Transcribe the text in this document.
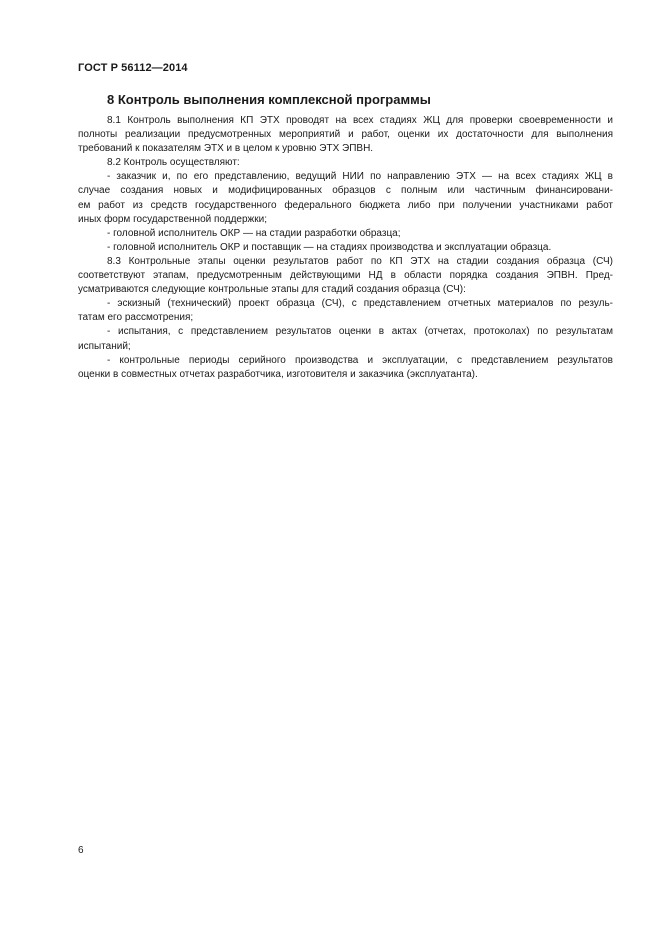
ГОСТ Р 56112—2014
8 Контроль выполнения комплексной программы
8.1 Контроль выполнения КП ЭТХ проводят на всех стадиях ЖЦ для проверки своевременности и
полноты реализации предусмотренных мероприятий и работ, оценки их достаточности для выполнения
требований к показателям ЭТХ и в целом к уровню ЭТХ ЭПВН.
8.2 Контроль осуществляют:
- заказчик и, по его представлению, ведущий НИИ по направлению ЭТХ — на всех стадиях ЖЦ в
случае создания новых и модифицированных образцов с полным или частичным финансировани-
ем работ из средств государственного федерального бюджета либо при получении участниками работ
иных форм государственной поддержки;
- головной исполнитель ОКР — на стадии разработки образца;
- головной исполнитель ОКР и поставщик — на стадиях производства и эксплуатации образца.
8.3 Контрольные этапы оценки результатов работ по КП ЭТХ на стадии создания образца (СЧ)
соответствуют этапам, предусмотренным действующими НД в области порядка создания ЭПВН. Пред-
усматриваются следующие контрольные этапы для стадий создания образца (СЧ):
- эскизный (технический) проект образца (СЧ), с представлением отчетных материалов по резуль-
татам его рассмотрения;
- испытания, с представлением результатов оценки в актах (отчетах, протоколах) по результатам
испытаний;
- контрольные периоды серийного производства и эксплуатации, с представлением результатов
оценки в совместных отчетах разработчика, изготовителя и заказчика (эксплуатанта).
6
